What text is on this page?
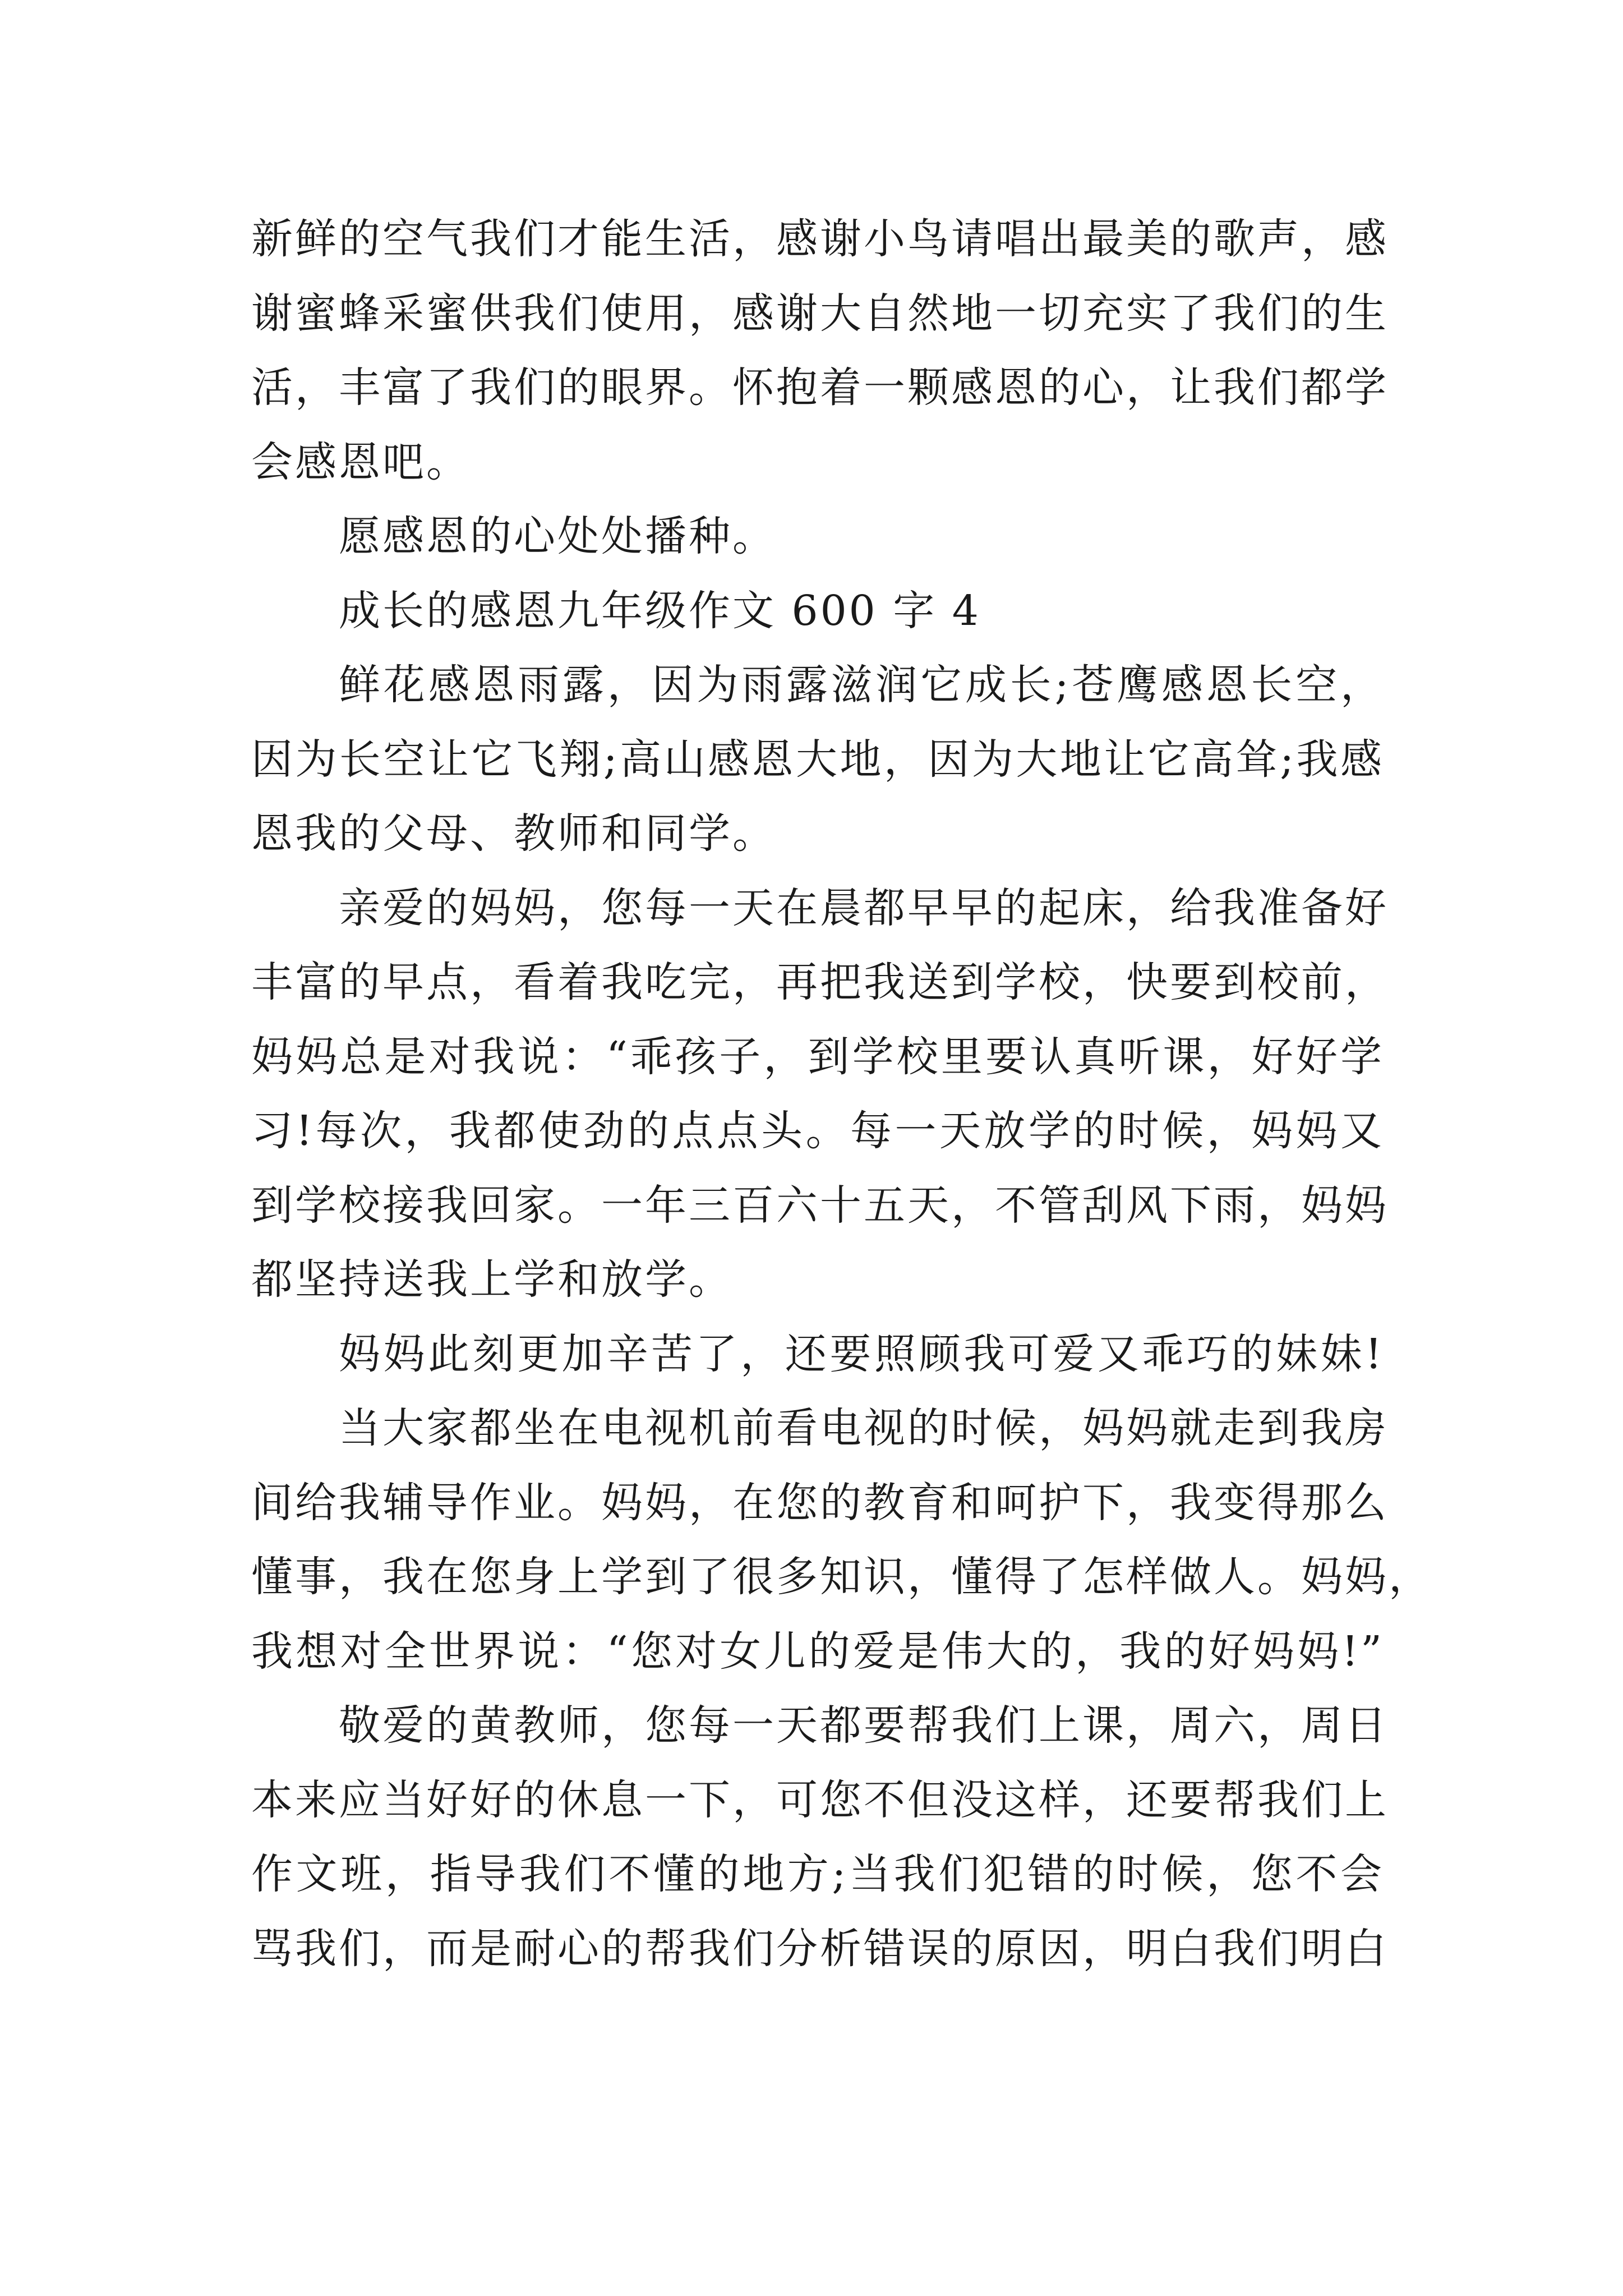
新鲜的空气我们才能生活，感谢小鸟请唱出最美的歌声，感
谢蜜蜂采蜜供我们使用，感谢大自然地一切充实了我们的生
活，丰富了我们的眼界。怀抱着一颗感恩的心，让我们都学
会感恩吧。
愿感恩的心处处播种。
成长的感恩九年级作文 600 字 4
鲜花感恩雨露，因为雨露滋润它成长;苍鹰感恩长空，
因为长空让它飞翔;高山感恩大地，因为大地让它高耸;我感
恩我的父母、教师和同学。
亲爱的妈妈，您每一天在晨都早早的起床，给我准备好
丰富的早点，看着我吃完，再把我送到学校，快要到校前，
妈妈总是对我说：“乖孩子，到学校里要认真听课，好好学
习!每次，我都使劲的点点头。每一天放学的时候，妈妈又
到学校接我回家。一年三百六十五天，不管刮风下雨，妈妈
都坚持送我上学和放学。
妈妈此刻更加辛苦了，还要照顾我可爱又乖巧的妹妹!
当大家都坐在电视机前看电视的时候，妈妈就走到我房
间给我辅导作业。妈妈，在您的教育和呵护下，我变得那么
懂事，我在您身上学到了很多知识，懂得了怎样做人。妈妈，
我想对全世界说：“您对女儿的爱是伟大的，我的好妈妈!”
敬爱的黄教师，您每一天都要帮我们上课，周六，周日
本来应当好好的休息一下，可您不但没这样，还要帮我们上
作文班，指导我们不懂的地方;当我们犯错的时候，您不会
骂我们，而是耐心的帮我们分析错误的原因，明白我们明白
